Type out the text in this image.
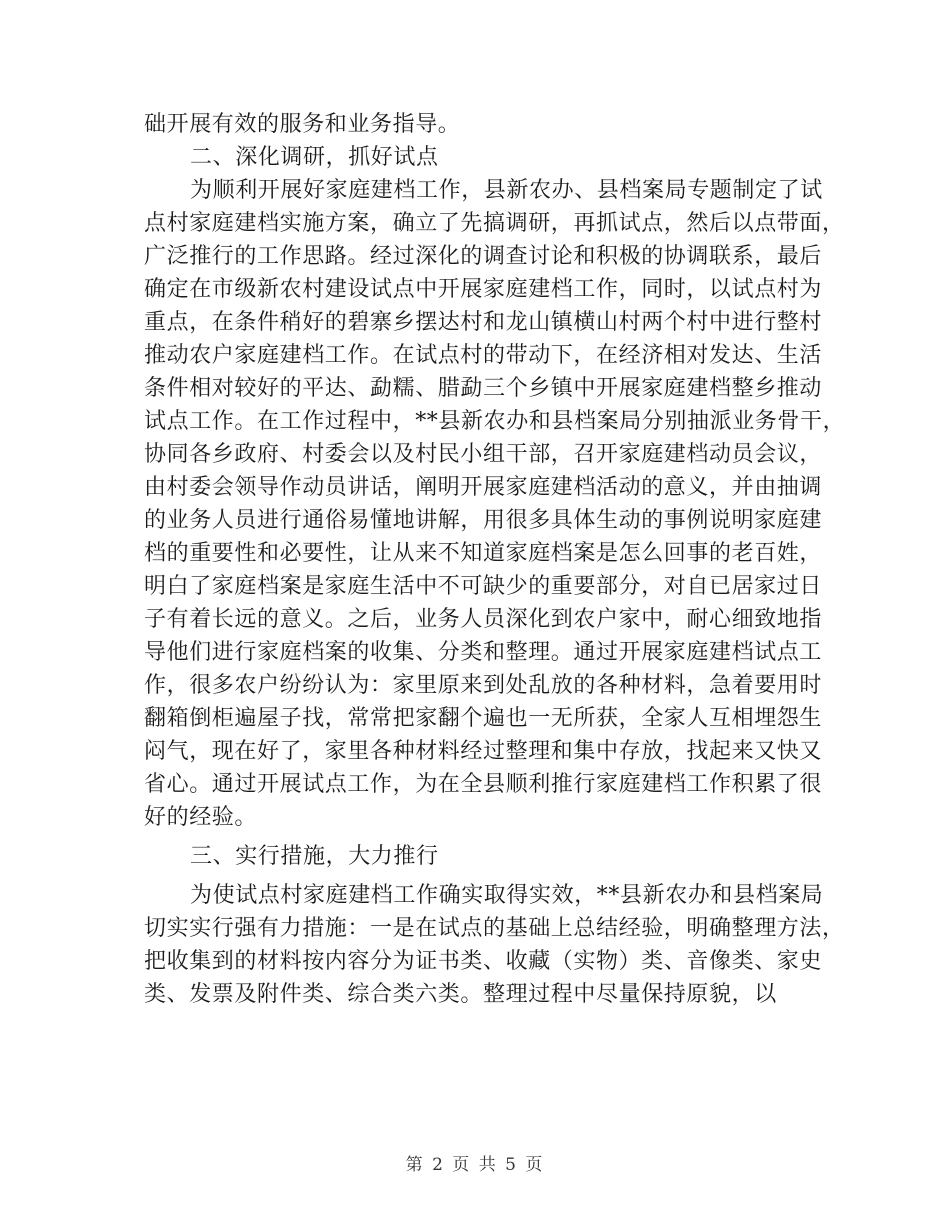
础开展有效的服务和业务指导。
二、深化调研，抓好试点
为顺利开展好家庭建档工作，县新农办、县档案局专题制定了试
点村家庭建档实施方案，确立了先搞调研，再抓试点，然后以点带面，
广泛推行的工作思路。经过深化的调查讨论和积极的协调联系，最后
确定在市级新农村建设试点中开展家庭建档工作，同时，以试点村为
重点，在条件稍好的碧寨乡摆达村和龙山镇横山村两个村中进行整村
推动农户家庭建档工作。在试点村的带动下，在经济相对发达、生活
条件相对较好的平达、勐糯、腊勐三个乡镇中开展家庭建档整乡推动
试点工作。在工作过程中，**县新农办和县档案局分别抽派业务骨干，
协同各乡政府、村委会以及村民小组干部，召开家庭建档动员会议，
由村委会领导作动员讲话，阐明开展家庭建档活动的意义，并由抽调
的业务人员进行通俗易懂地讲解，用很多具体生动的事例说明家庭建
档的重要性和必要性，让从来不知道家庭档案是怎么回事的老百姓，
明白了家庭档案是家庭生活中不可缺少的重要部分，对自已居家过日
子有着长远的意义。之后，业务人员深化到农户家中，耐心细致地指
导他们进行家庭档案的收集、分类和整理。通过开展家庭建档试点工
作，很多农户纷纷认为：家里原来到处乱放的各种材料，急着要用时
翻箱倒柜遍屋子找，常常把家翻个遍也一无所获，全家人互相埋怨生
闷气，现在好了，家里各种材料经过整理和集中存放，找起来又快又
省心。通过开展试点工作，为在全县顺利推行家庭建档工作积累了很
好的经验。
三、实行措施，大力推行
为使试点村家庭建档工作确实取得实效，**县新农办和县档案局
切实实行强有力措施：一是在试点的基础上总结经验，明确整理方法，
把收集到的材料按内容分为证书类、收藏（实物）类、音像类、家史
类、发票及附件类、综合类六类。整理过程中尽量保持原貌，以
第 2 页 共 5 页
